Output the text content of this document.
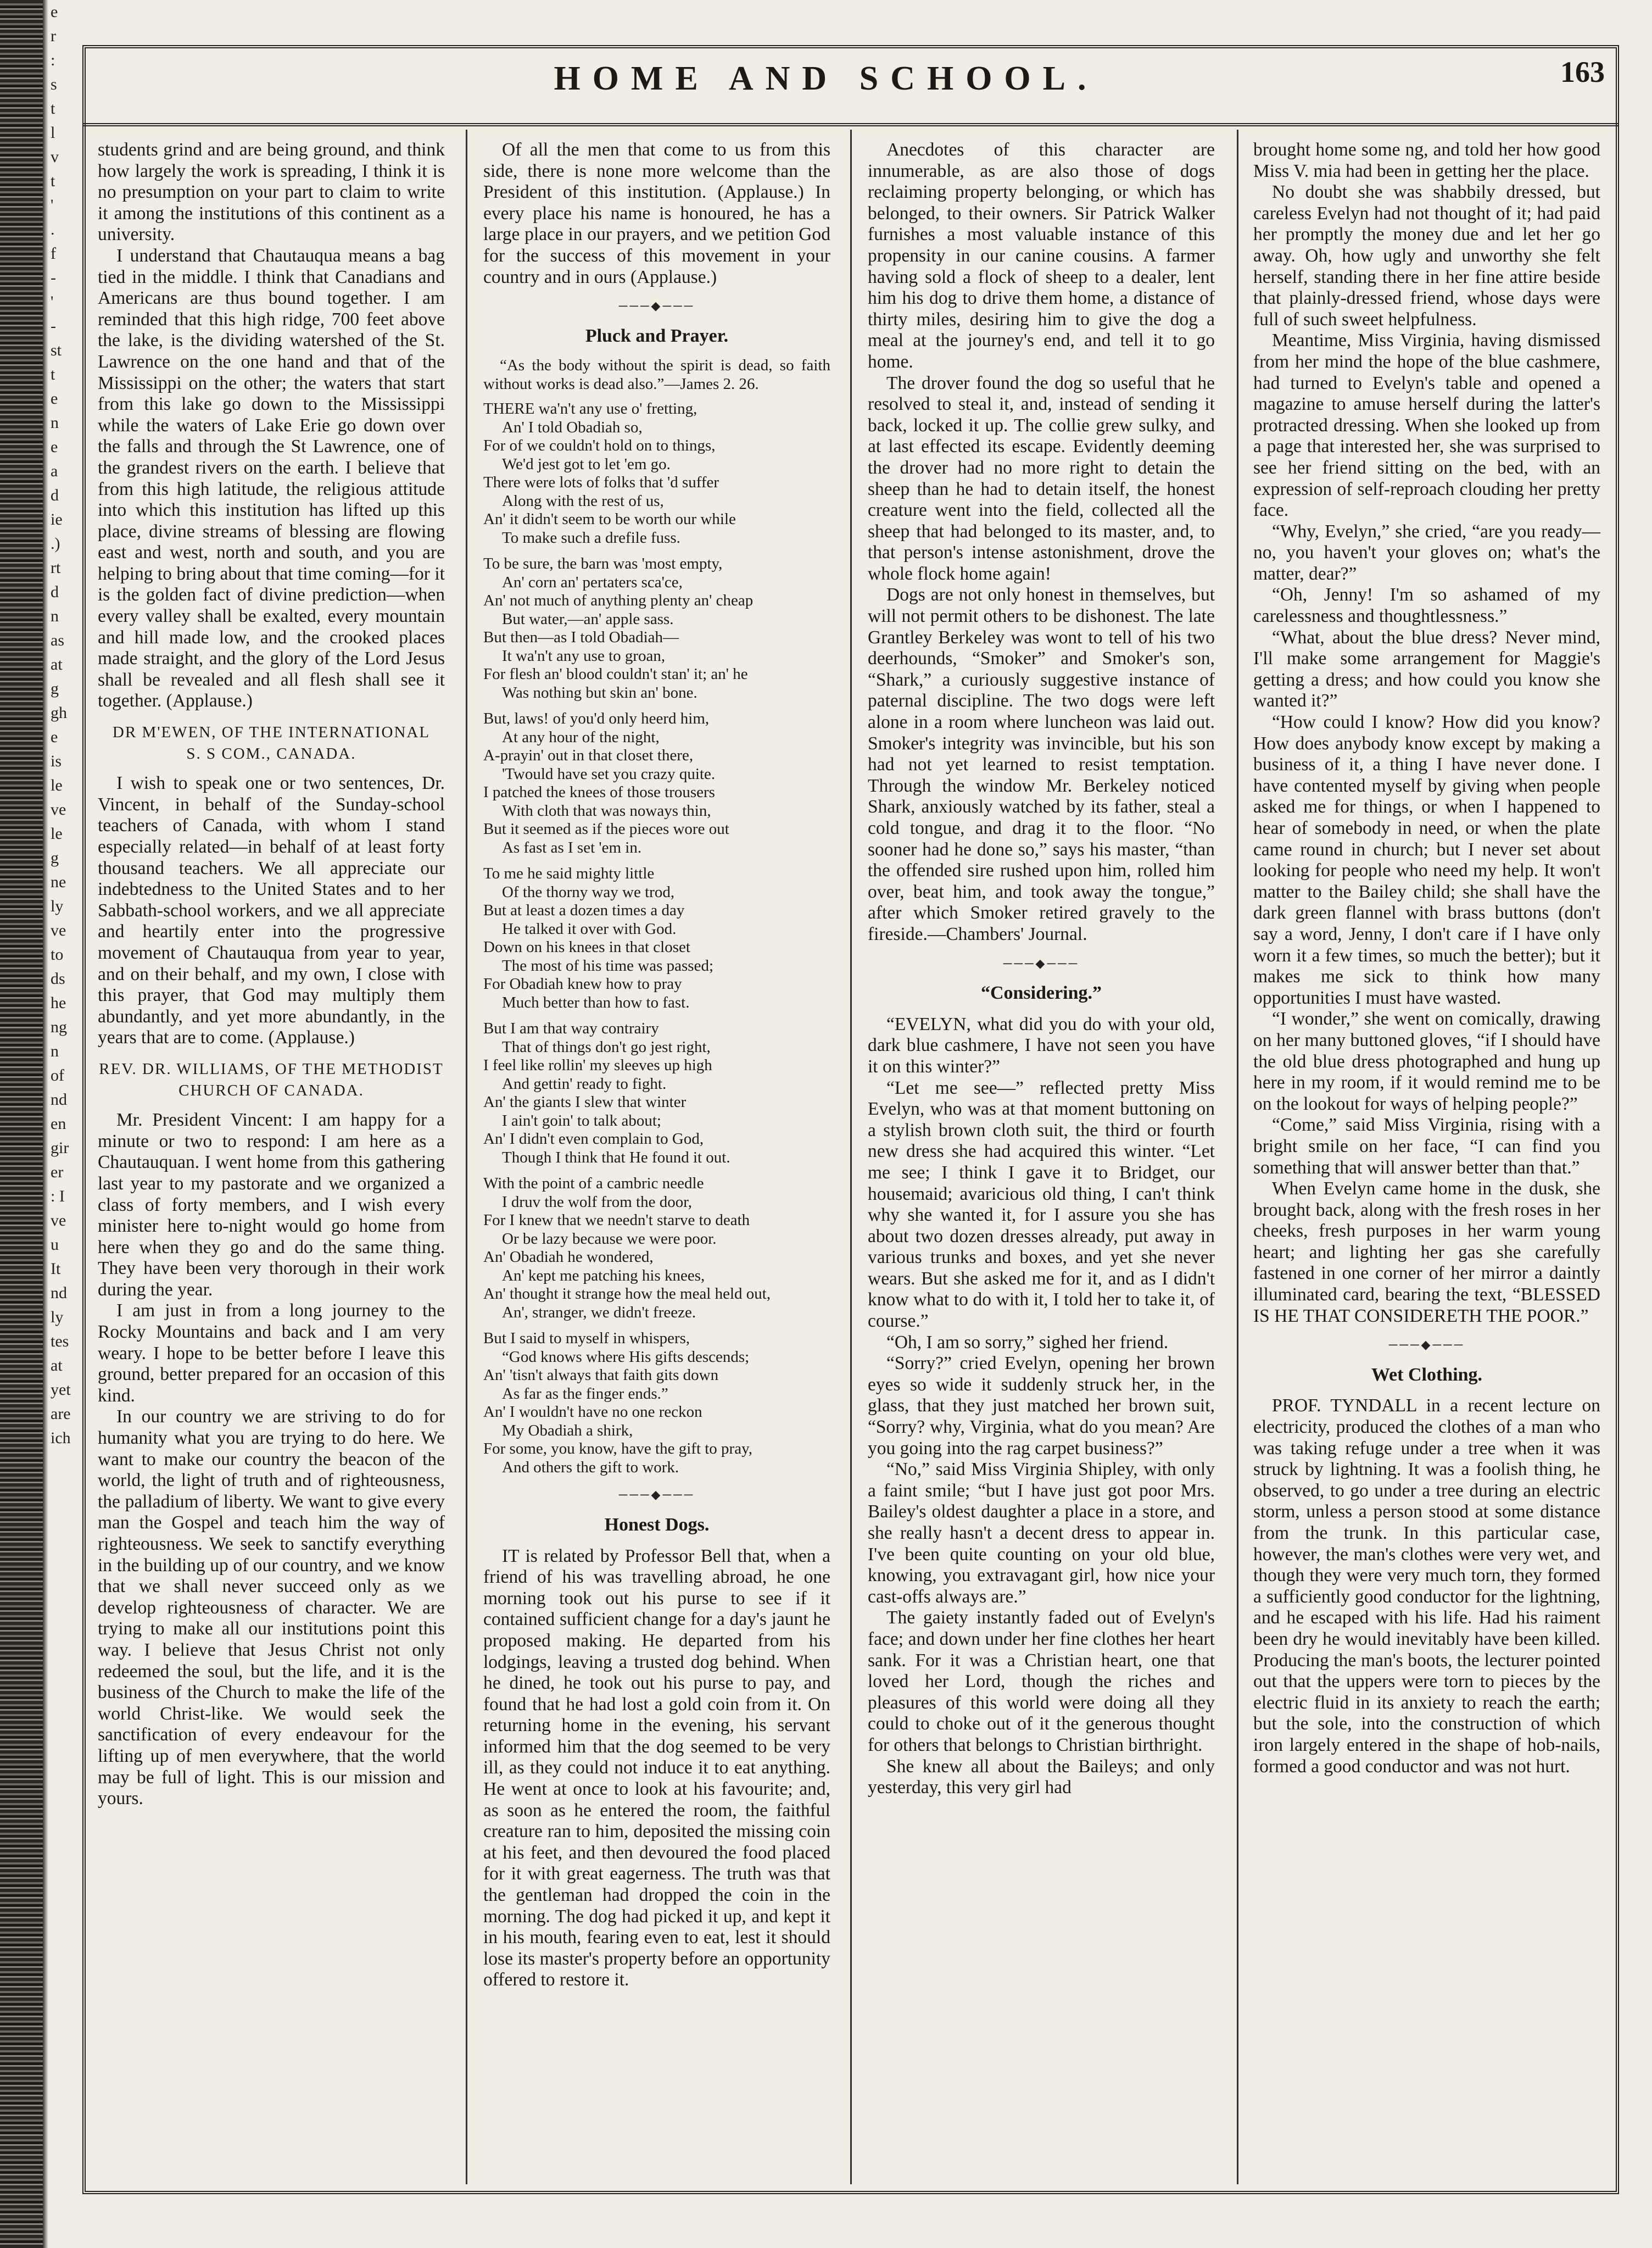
e
r
:
s
t
l
v
t
'
.
f
-
'
-
st
t
e
n
e
a
d
ie
.)
rt
d
n
as
at
g
gh
e
is
le
ve
le
g
ne
ly
ve
to
ds
he
ng
n
of
nd
en
gir
er
: I
ve
u
It
nd
ly
tes
at
yet
are
ich
HOME AND SCHOOL.	163

students grind and are being ground, and think how largely the work is spreading, I think it is no presumption on your part to claim to write it among the institutions of this continent as a university.

I understand that Chautauqua means a bag tied in the middle. I think that Canadians and Americans are thus bound together. I am reminded that this high ridge, 700 feet above the lake, is the dividing watershed of the St. Lawrence on the one hand and that of the Mississippi on the other; the waters that start from this lake go down to the Mississippi while the waters of Lake Erie go down over the falls and through the St Lawrence, one of the grandest rivers on the earth. I believe that from this high latitude, the religious attitude into which this institution has lifted up this place, divine streams of blessing are flowing east and west, north and south, and you are helping to bring about that time coming—for it is the golden fact of divine prediction—when every valley shall be exalted, every mountain and hill made low, and the crooked places made straight, and the glory of the Lord Jesus shall be revealed and all flesh shall see it together. (Applause.)

DR M'EWEN, OF THE INTERNATIONAL
S. S COM., CANADA.

I wish to speak one or two sentences, Dr. Vincent, in behalf of the Sunday-school teachers of Canada, with whom I stand especially related—in behalf of at least forty thousand teachers. We all appreciate our indebtedness to the United States and to her Sabbath-school workers, and we all appreciate and heartily enter into the progressive movement of Chautauqua from year to year, and on their behalf, and my own, I close with this prayer, that God may multiply them abundantly, and yet more abundantly, in the years that are to come. (Applause.)

REV. DR. WILLIAMS, OF THE METHODIST
CHURCH OF CANADA.

Mr. President Vincent: I am happy for a minute or two to respond: I am here as a Chautauquan. I went home from this gathering last year to my pastorate and we organized a class of forty members, and I wish every minister here to-night would go home from here when they go and do the same thing. They have been very thorough in their work during the year.

I am just in from a long journey to the Rocky Mountains and back and I am very weary. I hope to be better before I leave this ground, better prepared for an occasion of this kind.

In our country we are striving to do for humanity what you are trying to do here. We want to make our country the beacon of the world, the light of truth and of righteousness, the palladium of liberty. We want to give every man the Gospel and teach him the way of righteousness. We seek to sanctify everything in the building up of our country, and we know that we shall never succeed only as we develop righteousness of character. We are trying to make all our institutions point this way. I believe that Jesus Christ not only redeemed the soul, but the life, and it is the business of the Church to make the life of the world Christ-like. We would seek the sanctification of every endeavour for the lifting up of men everywhere, that the world may be full of light. This is our mission and yours.

Of all the men that come to us from this side, there is none more welcome than the President of this institution. (Applause.) In every place his name is honoured, he has a large place in our prayers, and we petition God for the success of this movement in your country and in ours (Applause.)

───◆───
Pluck and Prayer.
“As the body without the spirit is dead, so faith without works is dead also.”—James 2. 26.
THERE wa'n't any use o' fretting,
An' I told Obadiah so,
For of we couldn't hold on to things,
We'd jest got to let 'em go.
There were lots of folks that 'd suffer
Along with the rest of us,
An' it didn't seem to be worth our while
To make such a drefile fuss.
To be sure, the barn was 'most empty,
An' corn an' pertaters sca'ce,
An' not much of anything plenty an' cheap
But water,—an' apple sass.
But then—as I told Obadiah—
It wa'n't any use to groan,
For flesh an' blood couldn't stan' it; an' he
Was nothing but skin an' bone.
But, laws! of you'd only heerd him,
At any hour of the night,
A-prayin' out in that closet there,
'Twould have set you crazy quite.
I patched the knees of those trousers
With cloth that was noways thin,
But it seemed as if the pieces wore out
As fast as I set 'em in.
To me he said mighty little
Of the thorny way we trod,
But at least a dozen times a day
He talked it over with God.
Down on his knees in that closet
The most of his time was passed;
For Obadiah knew how to pray
Much better than how to fast.
But I am that way contrairy
That of things don't go jest right,
I feel like rollin' my sleeves up high
And gettin' ready to fight.
An' the giants I slew that winter
I ain't goin' to talk about;
An' I didn't even complain to God,
Though I think that He found it out.
With the point of a cambric needle
I druv the wolf from the door,
For I knew that we needn't starve to death
Or be lazy because we were poor.
An' Obadiah he wondered,
An' kept me patching his knees,
An' thought it strange how the meal held out,
An', stranger, we didn't freeze.
But I said to myself in whispers,
“God knows where His gifts descends;
An' 'tisn't always that faith gits down
As far as the finger ends.”
An' I wouldn't have no one reckon
My Obadiah a shirk,
For some, you know, have the gift to pray,
And others the gift to work.
───◆───
Honest Dogs.

IT is related by Professor Bell that, when a friend of his was travelling abroad, he one morning took out his purse to see if it contained sufficient change for a day's jaunt he proposed making. He departed from his lodgings, leaving a trusted dog behind. When he dined, he took out his purse to pay, and found that he had lost a gold coin from it. On returning home in the evening, his servant informed him that the dog seemed to be very ill, as they could not induce it to eat anything. He went at once to look at his favourite; and, as soon as he entered the room, the faithful creature ran to him, deposited the missing coin at his feet, and then devoured the food placed for it with great eagerness. The truth was that the gentleman had dropped the coin in the morning. The dog had picked it up, and kept it in his mouth, fearing even to eat, lest it should lose its master's property before an opportunity offered to restore it.

Anecdotes of this character are innumerable, as are also those of dogs reclaiming property belonging, or which has belonged, to their owners. Sir Patrick Walker furnishes a most valuable instance of this propensity in our canine cousins. A farmer having sold a flock of sheep to a dealer, lent him his dog to drive them home, a distance of thirty miles, desiring him to give the dog a meal at the journey's end, and tell it to go home.

The drover found the dog so useful that he resolved to steal it, and, instead of sending it back, locked it up. The collie grew sulky, and at last effected its escape. Evidently deeming the drover had no more right to detain the sheep than he had to detain itself, the honest creature went into the field, collected all the sheep that had belonged to its master, and, to that person's intense astonishment, drove the whole flock home again!

Dogs are not only honest in themselves, but will not permit others to be dishonest. The late Grantley Berkeley was wont to tell of his two deerhounds, “Smoker” and Smoker's son, “Shark,” a curiously suggestive instance of paternal discipline. The two dogs were left alone in a room where luncheon was laid out. Smoker's integrity was invincible, but his son had not yet learned to resist temptation. Through the window Mr. Berkeley noticed Shark, anxiously watched by its father, steal a cold tongue, and drag it to the floor. “No sooner had he done so,” says his master, “than the offended sire rushed upon him, rolled him over, beat him, and took away the tongue,” after which Smoker retired gravely to the fireside.—Chambers' Journal.

───◆───
“Considering.”

“EVELYN, what did you do with your old, dark blue cashmere, I have not seen you have it on this winter?”

“Let me see—” reflected pretty Miss Evelyn, who was at that moment buttoning on a stylish brown cloth suit, the third or fourth new dress she had acquired this winter. “Let me see; I think I gave it to Bridget, our housemaid; avaricious old thing, I can't think why she wanted it, for I assure you she has about two dozen dresses already, put away in various trunks and boxes, and yet she never wears. But she asked me for it, and as I didn't know what to do with it, I told her to take it, of course.”

“Oh, I am so sorry,” sighed her friend.

“Sorry?” cried Evelyn, opening her brown eyes so wide it suddenly struck her, in the glass, that they just matched her brown suit, “Sorry? why, Virginia, what do you mean? Are you going into the rag carpet business?”

“No,” said Miss Virginia Shipley, with only a faint smile; “but I have just got poor Mrs. Bailey's oldest daughter a place in a store, and she really hasn't a decent dress to appear in. I've been quite counting on your old blue, knowing, you extravagant girl, how nice your cast-offs always are.”

The gaiety instantly faded out of Evelyn's face; and down under her fine clothes her heart sank. For it was a Christian heart, one that loved her Lord, though the riches and pleasures of this world were doing all they could to choke out of it the generous thought for others that belongs to Christian birthright.

She knew all about the Baileys; and only yesterday, this very girl had

brought home some ng, and told her how good Miss V. mia had been in getting her the place.

No doubt she was shabbily dressed, but careless Evelyn had not thought of it; had paid her promptly the money due and let her go away. Oh, how ugly and unworthy she felt herself, standing there in her fine attire beside that plainly-dressed friend, whose days were full of such sweet helpfulness.

Meantime, Miss Virginia, having dismissed from her mind the hope of the blue cashmere, had turned to Evelyn's table and opened a magazine to amuse herself during the latter's protracted dressing. When she looked up from a page that interested her, she was surprised to see her friend sitting on the bed, with an expression of self-reproach clouding her pretty face.

“Why, Evelyn,” she cried, “are you ready—no, you haven't your gloves on; what's the matter, dear?”

“Oh, Jenny! I'm so ashamed of my carelessness and thoughtlessness.”

“What, about the blue dress? Never mind, I'll make some arrangement for Maggie's getting a dress; and how could you know she wanted it?”

“How could I know? How did you know? How does anybody know except by making a business of it, a thing I have never done. I have contented myself by giving when people asked me for things, or when I happened to hear of somebody in need, or when the plate came round in church; but I never set about looking for people who need my help. It won't matter to the Bailey child; she shall have the dark green flannel with brass buttons (don't say a word, Jenny, I don't care if I have only worn it a few times, so much the better); but it makes me sick to think how many opportunities I must have wasted.

“I wonder,” she went on comically, drawing on her many buttoned gloves, “if I should have the old blue dress photographed and hung up here in my room, if it would remind me to be on the lookout for ways of helping people?”

“Come,” said Miss Virginia, rising with a bright smile on her face, “I can find you something that will answer better than that.”

When Evelyn came home in the dusk, she brought back, along with the fresh roses in her cheeks, fresh purposes in her warm young heart; and lighting her gas she carefully fastened in one corner of her mirror a daintly illuminated card, bearing the text, “BLESSED IS HE THAT CONSIDERETH THE POOR.”

───◆───
Wet Clothing.

PROF. TYNDALL in a recent lecture on electricity, produced the clothes of a man who was taking refuge under a tree when it was struck by lightning. It was a foolish thing, he observed, to go under a tree during an electric storm, unless a person stood at some distance from the trunk. In this particular case, however, the man's clothes were very wet, and though they were very much torn, they formed a sufficiently good conductor for the lightning, and he escaped with his life. Had his raiment been dry he would inevitably have been killed. Producing the man's boots, the lecturer pointed out that the uppers were torn to pieces by the electric fluid in its anxiety to reach the earth; but the sole, into the construction of which iron largely entered in the shape of hob-nails, formed a good conductor and was not hurt.
